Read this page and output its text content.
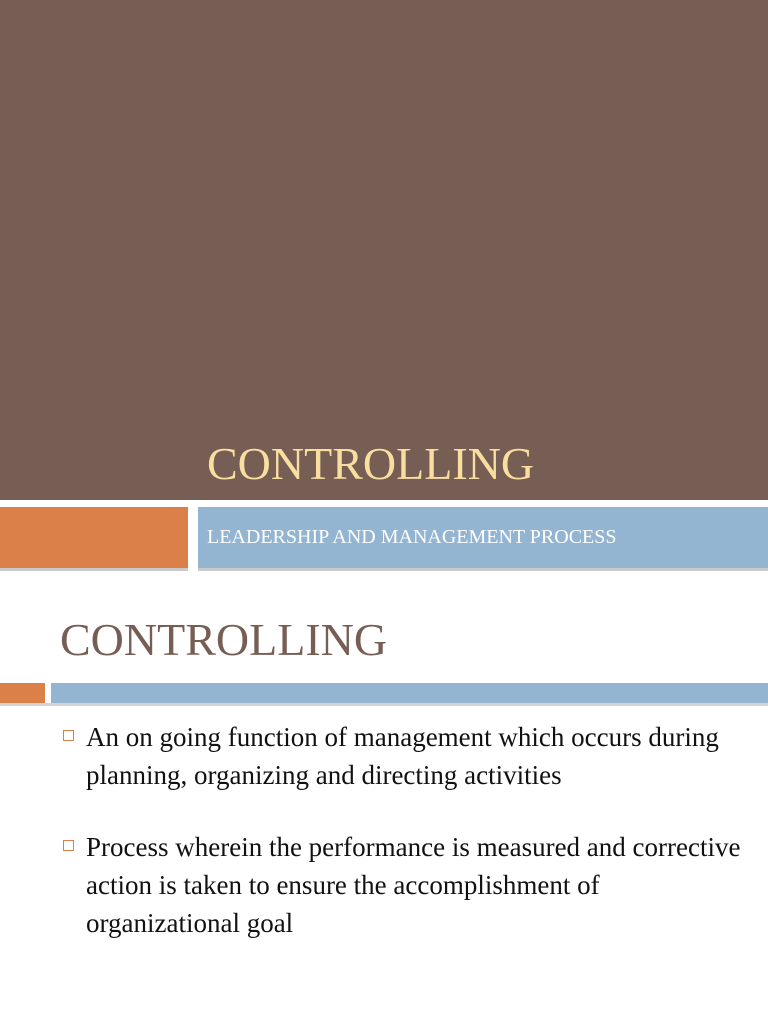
CONTROLLING
LEADERSHIP AND MANAGEMENT PROCESS
CONTROLLING
An on going function of management which occurs during planning, organizing and directing activities
Process wherein the performance is measured and corrective action is taken to ensure the accomplishment of organizational goal
